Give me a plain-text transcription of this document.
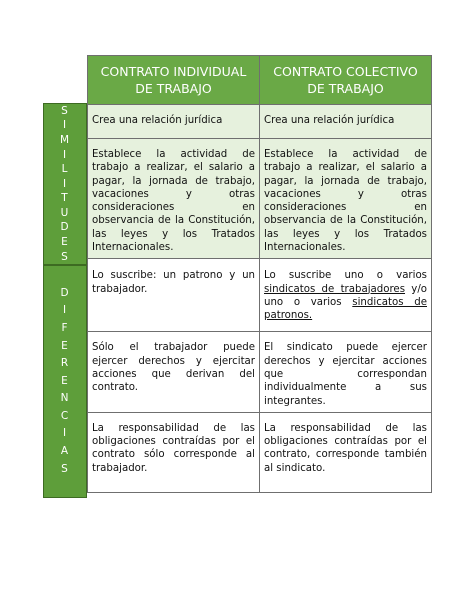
S
I
M
I
L
I
T
U
D
E
S
D
I
F
E
R
E
N
C
I
A
S
CONTRATO INDIVIDUAL DE TRABAJO	CONTRATO COLECTIVO DE TRABAJO
Crea una relación jurídica	Crea una relación jurídica
Establece la actividad de trabajo a realizar, el salario a pagar, la jornada de trabajo, vacaciones y otras consideraciones en observancia de la Constitución, las leyes y los Tratados Internacionales.	Establece la actividad de trabajo a realizar, el salario a pagar, la jornada de trabajo, vacaciones y otras consideraciones en observancia de la Constitución, las leyes y los Tratados Internacionales.
Lo suscribe: un patrono y un trabajador.	Lo suscribe uno o varios sindicatos de trabajadores y/o uno o varios sindicatos de patronos.
Sólo el trabajador puede ejercer derechos y ejercitar acciones que derivan del contrato.	El sindicato puede ejercer derechos y ejercitar acciones que correspondan individualmente a sus integrantes.
La responsabilidad de las obligaciones contraídas por el contrato sólo corresponde al trabajador.	La responsabilidad de las obligaciones contraídas por el contrato, corresponde también al sindicato.
